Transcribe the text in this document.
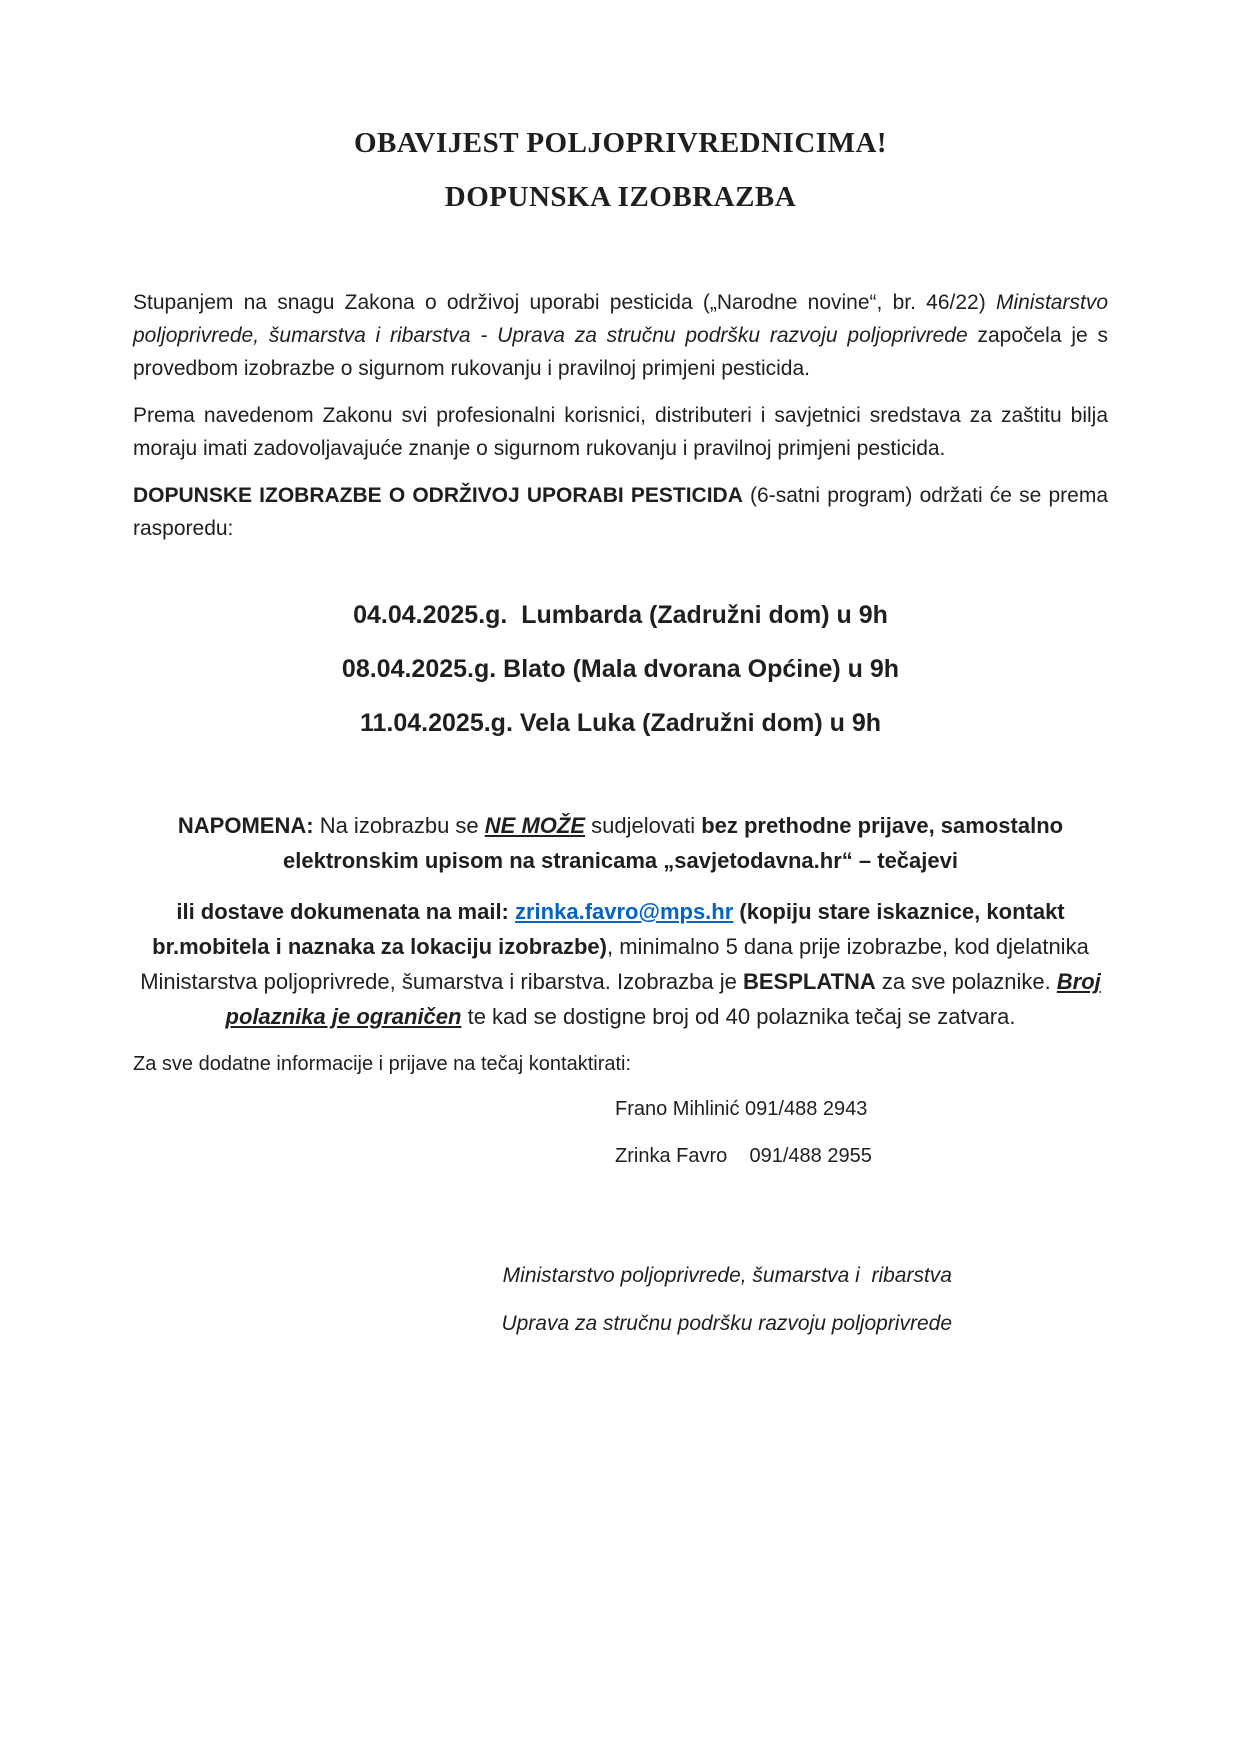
OBAVIJEST POLJOPRIVREDNICIMA!
DOPUNSKA IZOBRAZBA

Stupanjem na snagu Zakona o održivoj uporabi pesticida („Narodne novine“, br. 46/22) Ministarstvo poljoprivrede, šumarstva i ribarstva - Uprava za stručnu podršku razvoju poljoprivrede započela je s provedbom izobrazbe o sigurnom rukovanju i pravilnoj primjeni pesticida.

Prema navedenom Zakonu svi profesionalni korisnici, distributeri i savjetnici sredstava za zaštitu bilja moraju imati zadovoljavajuće znanje o sigurnom rukovanju i pravilnoj primjeni pesticida.

DOPUNSKE IZOBRAZBE O ODRŽIVOJ UPORABI PESTICIDA (6-satni program) održati će se prema rasporedu:

04.04.2025.g.  Lumbarda (Zadružni dom) u 9h

08.04.2025.g. Blato (Mala dvorana Općine) u 9h

11.04.2025.g. Vela Luka (Zadružni dom) u 9h

NAPOMENA: Na izobrazbu se NE MOŽE sudjelovati bez prethodne prijave, samostalno elektronskim upisom na stranicama „savjetodavna.hr“ – tečajevi

ili dostave dokumenata na mail: zrinka.favro@mps.hr (kopiju stare iskaznice, kontakt br.mobitela i naznaka za lokaciju izobrazbe), minimalno 5 dana prije izobrazbe, kod djelatnika Ministarstva poljoprivrede, šumarstva i ribarstva. Izobrazba je BESPLATNA za sve polaznike. Broj polaznika je ograničen te kad se dostigne broj od 40 polaznika tečaj se zatvara.

Za sve dodatne informacije i prijave na tečaj kontaktirati:

Frano Mihlinić 091/488 2943

Zrinka Favro    091/488 2955

Ministarstvo poljoprivrede, šumarstva i  ribarstva

Uprava za stručnu podršku razvoju poljoprivrede
